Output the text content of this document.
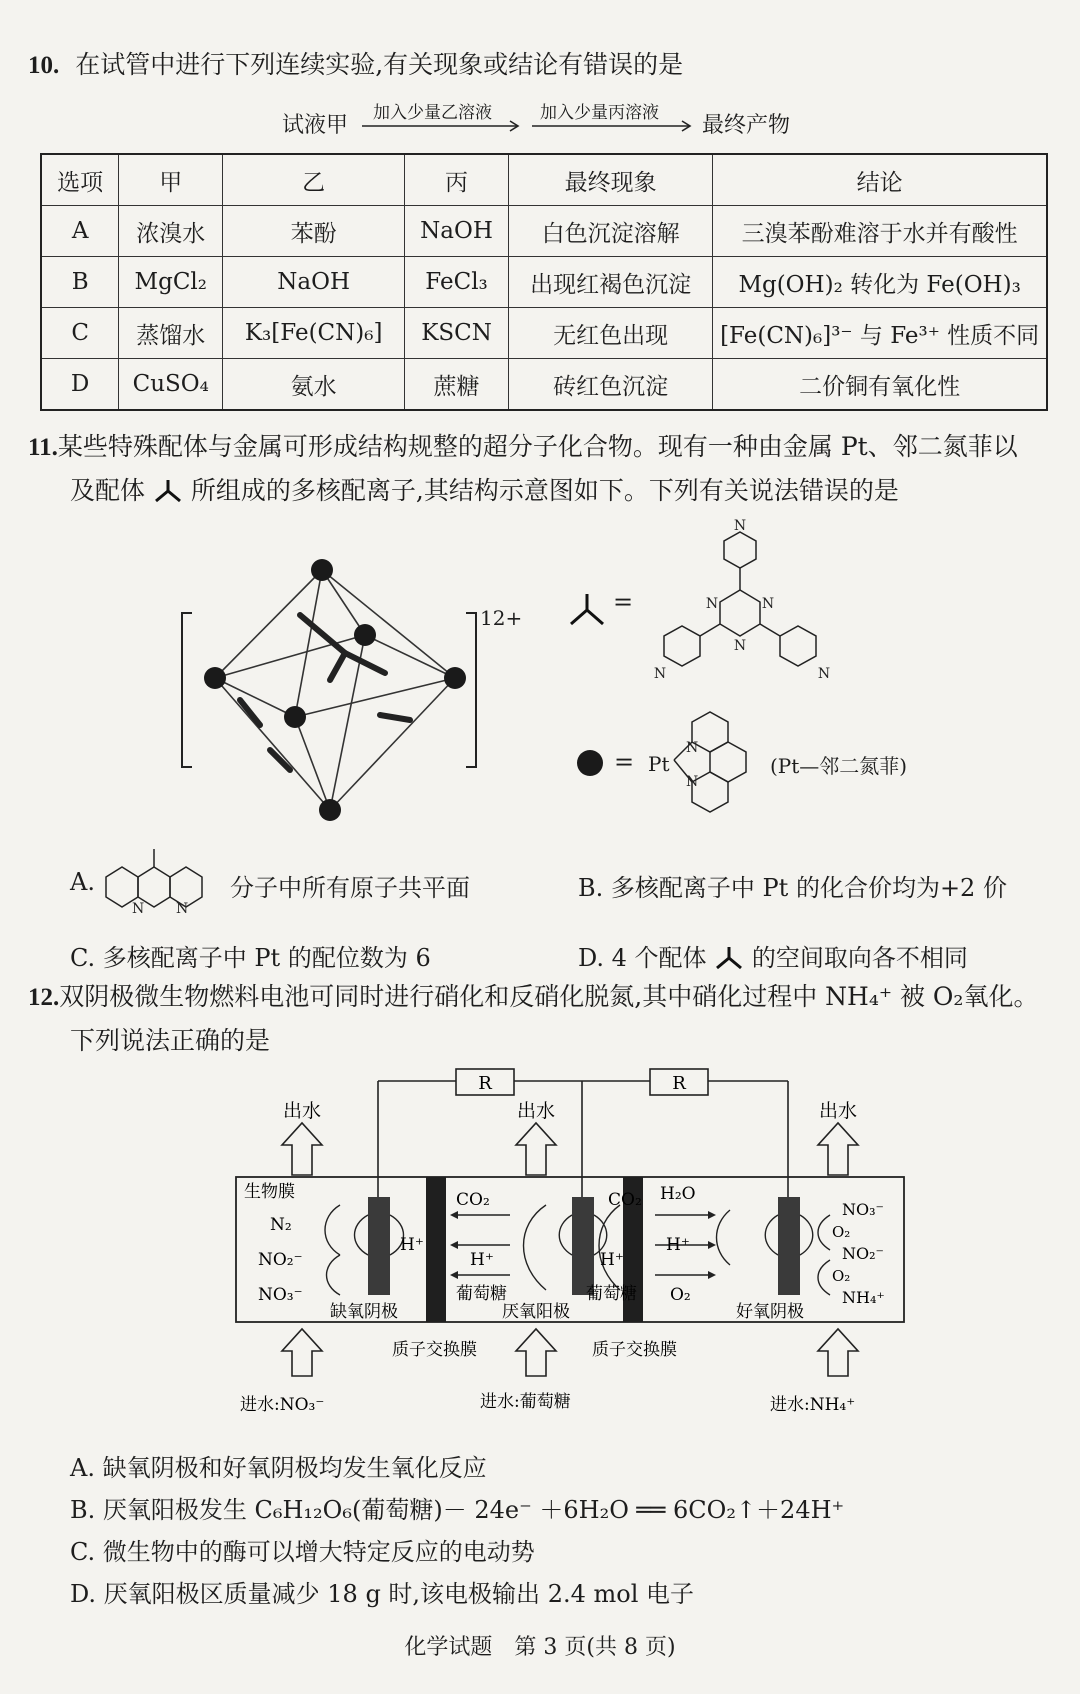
10. 在试管中进行下列连续实验,有关现象或结论有错误的是
试液甲 加入少量乙溶液	加入少量丙溶液 最终产物
选项	甲	乙	丙	最终现象	结论
A	浓溴水	苯酚	NaOH	白色沉淀溶解	三溴苯酚难溶于水并有酸性
B	MgCl₂	NaOH	FeCl₃	出现红褐色沉淀	Mg(OH)₂ 转化为 Fe(OH)₃
C	蒸馏水	K₃[Fe(CN)₆]	KSCN	无红色出现	[Fe(CN)₆]³⁻ 与 Fe³⁺ 性质不同
D	CuSO₄	氨水	蔗糖	砖红色沉淀	二价铜有氧化性
11.某些特殊配体与金属可形成结构规整的超分子化合物。现有一种由金属 Pt、邻二氮菲以
及配体 所组成的多核配离子,其结构示意图如下。下列有关说法错误的是
12+
=
N
N	N
N
N	N
= Pt
N
N
(Pt—邻二氮菲)
A.
N N
分子中所有原子共平面	B. 多核配离子中 Pt 的化合价均为+2 价
C. 多核配离子中 Pt 的配位数为 6	D. 4 个配体 的空间取向各不相同
12.双阴极微生物燃料电池可同时进行硝化和反硝化脱氮,其中硝化过程中 NH₄⁺ 被 O₂氧化。
下列说法正确的是
R	R
出水	出水	出水
生物膜
N₂
NO₂⁻
NO₃⁻
H⁺
缺氧阴极
CO₂	CO₂
H⁺	H⁺
葡萄糖	葡萄糖
厌氧阳极
H₂O
H⁺
O₂
NO₃⁻
O₂
NO₂⁻
O₂
NH₄⁺
好氧阴极
质子交换膜	质子交换膜
进水:NO₃⁻	进水:葡萄糖	进水:NH₄⁺
A. 缺氧阴极和好氧阴极均发生氧化反应
B. 厌氧阳极发生 C₆H₁₂O₆(葡萄糖)－ 24e⁻ ＋6H₂O ══ 6CO₂↑＋24H⁺
C. 微生物中的酶可以增大特定反应的电动势
D. 厌氧阳极区质量减少 18 g 时,该电极输出 2.4 mol 电子
化学试题　第 3 页(共 8 页)
